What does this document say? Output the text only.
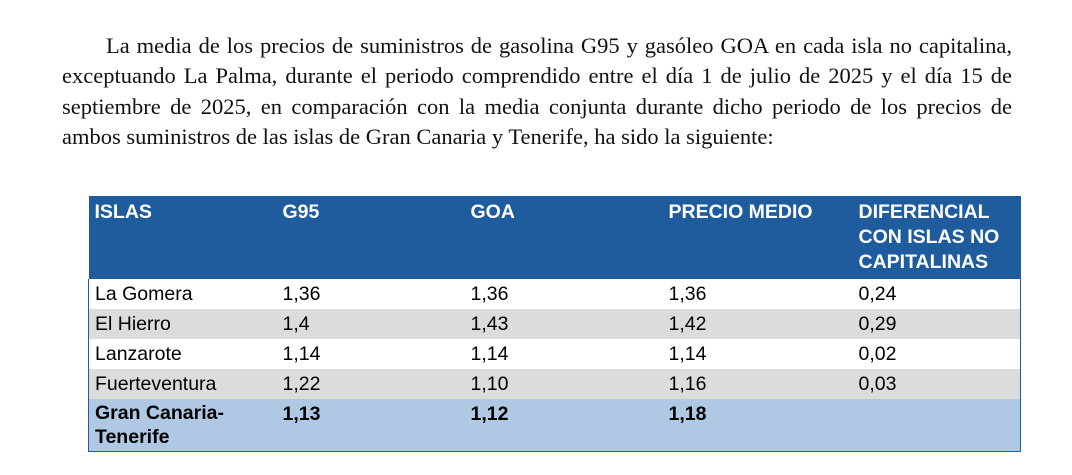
La media de los precios de suministros de gasolina G95 y gasóleo GOA en cada isla no capitalina, exceptuando La Palma, durante el periodo comprendido entre el día 1 de julio de 2025 y el día 15 de septiembre de 2025, en comparación con la media conjunta durante dicho periodo de los precios de ambos suministros de las islas de Gran Canaria y Tenerife, ha sido la siguiente:

ISLAS	G95	GOA	PRECIO MEDIO	DIFERENCIAL
CON ISLAS NO
CAPITALINAS

La Gomera	1,36	1,36	1,36	0,24
El Hierro	1,4	1,43	1,42	0,29
Lanzarote	1,14	1,14	1,14	0,02
Fuerteventura	1,22	1,10	1,16	0,03

Gran Canaria-
Tenerife	1,13	1,12	1,18	
